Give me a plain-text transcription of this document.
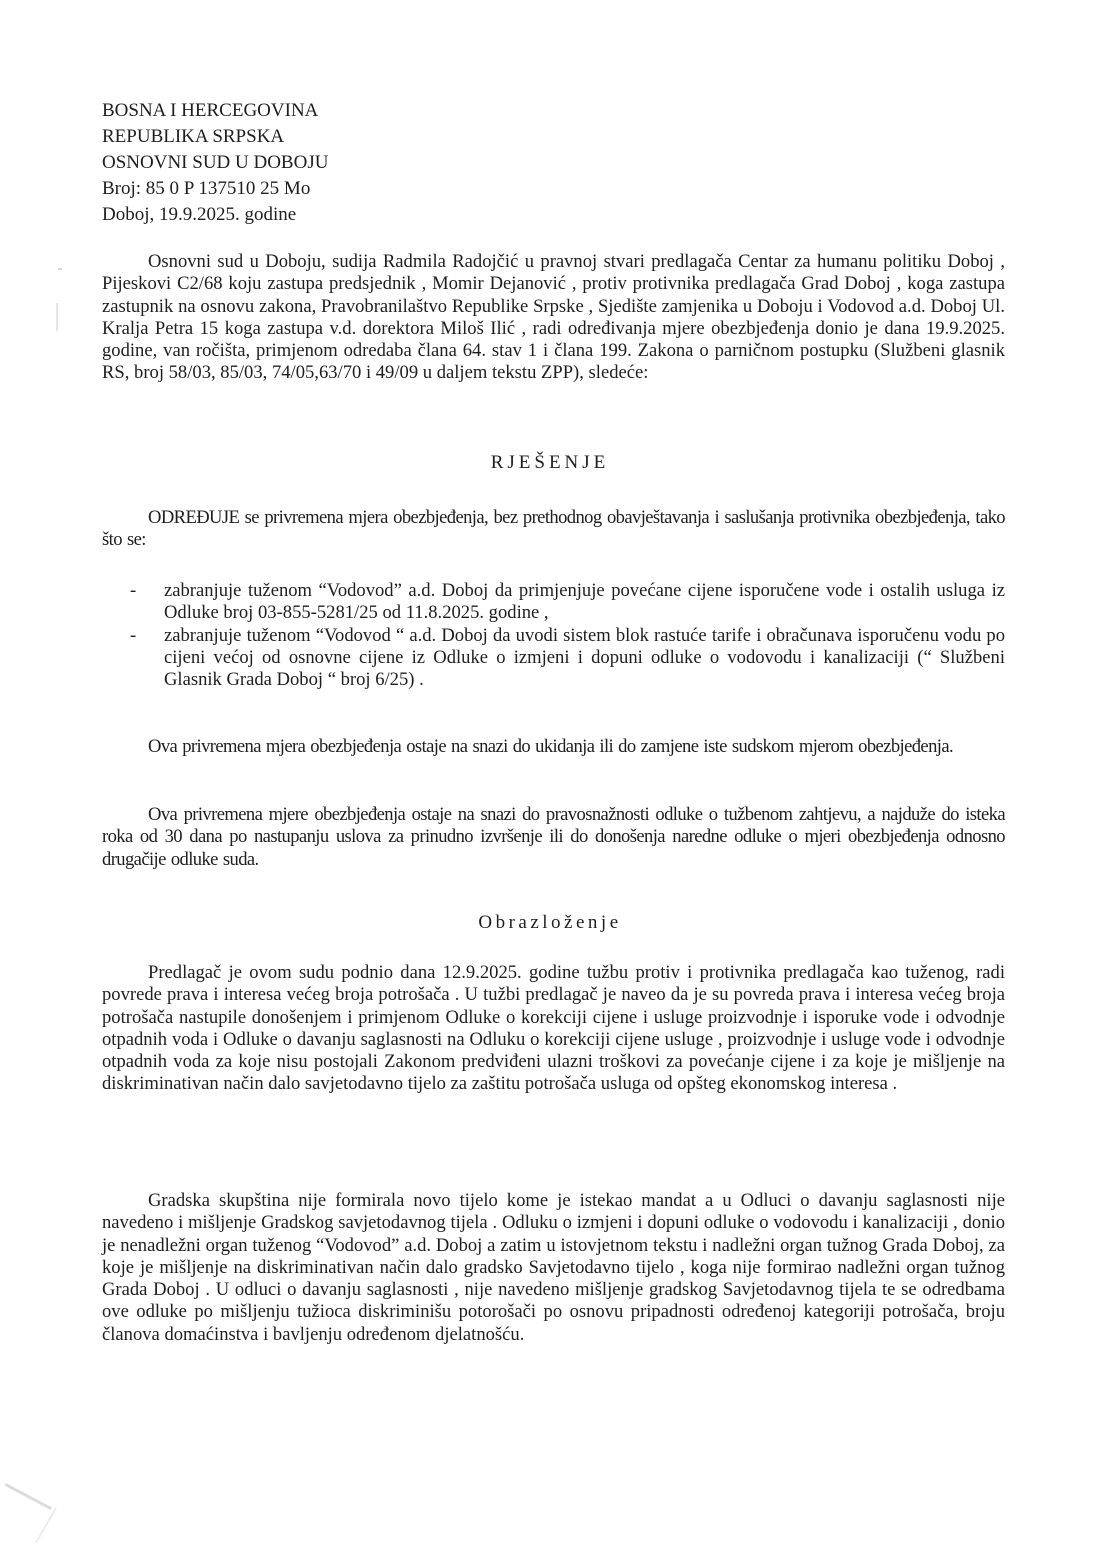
BOSNA I HERCEGOVINA
REPUBLIKA SRPSKA
OSNOVNI SUD U DOBOJU
Broj: 85 0 P 137510 25 Mo
Doboj, 19.9.2025. godine

Osnovni sud u Doboju, sudija Radmila Radojčić u pravnoj stvari predlagača Centar za humanu politiku Doboj , Pijeskovi C2/68 koju zastupa predsjednik , Momir Dejanović , protiv protivnika predlagača Grad Doboj , koga zastupa zastupnik na osnovu zakona, Pravobranilaštvo Republike Srpske , Sjedište zamjenika u Doboju i Vodovod a.d. Doboj Ul. Kralja Petra 15 koga zastupa v.d. dorektora Miloš Ilić , radi određivanja mjere obezbjeđenja donio je dana 19.9.2025. godine, van ročišta, primjenom odredaba člana 64. stav 1 i člana 199. Zakona o parničnom postupku (Službeni glasnik RS, broj 58/03, 85/03, 74/05,63/70 i 49/09 u daljem tekstu ZPP), sledeće:

RJEŠENJE

ODREĐUJE se privremena mjera obezbjeđenja, bez prethodnog obavještavanja i saslušanja protivnika obezbjeđenja, tako što se:

- zabranjuje tuženom “Vodovod” a.d. Doboj da primjenjuje povećane cijene isporučene vode i ostalih usluga iz Odluke broj 03-855-5281/25 od 11.8.2025. godine ,
- zabranjuje tuženom “Vodovod “ a.d. Doboj da uvodi sistem blok rastuće tarife i obračunava isporučenu vodu po cijeni većoj od osnovne cijene iz Odluke o izmjeni i dopuni odluke o vodovodu i kanalizaciji (“ Službeni Glasnik Grada Doboj “ broj 6/25) .

Ova privremena mjera obezbjeđenja ostaje na snazi do ukidanja ili do zamjene iste sudskom mjerom obezbjeđenja.

Ova privremena mjere obezbjeđenja ostaje na snazi do pravosnažnosti odluke o tužbenom zahtjevu, a najduže do isteka roka od 30 dana po nastupanju uslova za prinudno izvršenje ili do donošenja naredne odluke o mjeri obezbjeđenja odnosno drugačije odluke suda.

Obrazloženje

Predlagač je ovom sudu podnio dana 12.9.2025. godine tužbu protiv i protivnika predlagača kao tuženog, radi povrede prava i interesa većeg broja potrošača . U tužbi predlagač je naveo da je su povreda prava i interesa većeg broja potrošača nastupile donošenjem i primjenom Odluke o korekciji cijene i usluge proizvodnje i isporuke vode i odvodnje otpadnih voda i Odluke o davanju saglasnosti na Odluku o korekciji cijene usluge , proizvodnje i usluge vode i odvodnje otpadnih voda za koje nisu postojali Zakonom predviđeni ulazni troškovi za povećanje cijene i za koje je mišljenje na diskriminativan način dalo savjetodavno tijelo za zaštitu potrošača usluga od opšteg ekonomskog interesa .

Gradska skupština nije formirala novo tijelo kome je istekao mandat a u Odluci o davanju saglasnosti nije navedeno i mišljenje Gradskog savjetodavnog tijela . Odluku o izmjeni i dopuni odluke o vodovodu i kanalizaciji , donio je nenadležni organ tuženog “Vodovod” a.d. Doboj a zatim u istovjetnom tekstu i nadležni organ tužnog Grada Doboj, za koje je mišljenje na diskriminativan način dalo gradsko Savjetodavno tijelo , koga nije formirao nadležni organ tužnog Grada Doboj . U odluci o davanju saglasnosti , nije navedeno mišljenje gradskog Savjetodavnog tijela te se odredbama ove odluke po mišljenju tužioca diskriminišu potorošači po osnovu pripadnosti određenoj kategoriji potrošača, broju članova domaćinstva i bavljenju određenom djelatnošću.
